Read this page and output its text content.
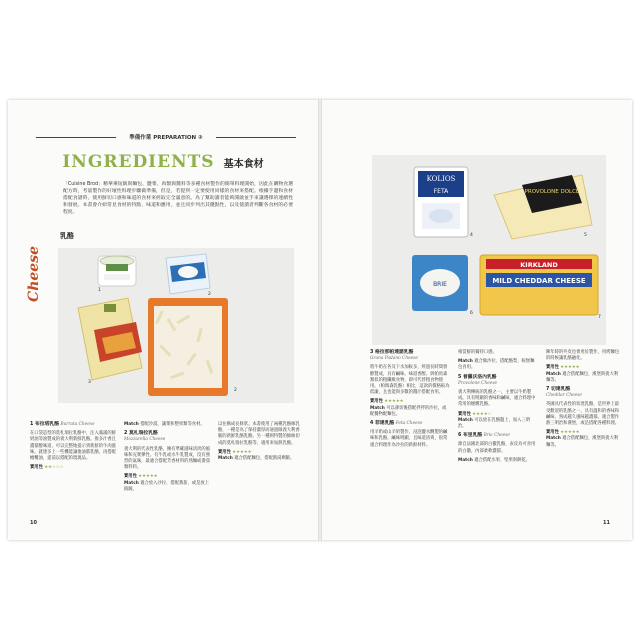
準備作業 PREPARATION ②
INGREDIENTS 基本食材
「Cuisine Brod」精華乘短飯與麵包、鹽菜、肉類與醬料等多種食材製作的簡單料理開始，因此在購物食選配方時，考量製作的好壞性料理步驟做準備，但是，若提到一定要使用同樣的食材來搭配。根據手邊和食材搭配食譜時，使用鮮切口感和味道的食材來經取完全滿意的。為了幫助讀者能夠開啟並手來讓選擇的連續性和發展。本書會介紹常見食材的特點、味道和應用，並且同步列出其優點性，以及使讀者判斷各食材的必要程度。
Cheese
乳酪
1
2
3
2
1 布拉塔乳酪 Burrata Cheese
在口袋造型的莫札瑞拉乳酪中，注入滿滿的鮮奶油等油製成的義大利新鮮乳酪。推多汁香且濃郁醇味道，可以完整地提示到新鮮的牛肉滋味，就連多上一些機能讓他油都乳酪，再搭配橄欖油，提前以搭配的現現品。
實用性 ★★☆☆☆
Match 搭配沙漠，讓菜和整果類等食材。
2 莫札瑞拉乳酪
Mozzarella Cheese
義大利的代表性乳酪，擁有準確滋味清淡的風味和充實彈性。有牛乳或水牛乳製成，沒有強烈的氣味，最適合搭配芳香材料的熟麵或番茄類料料。
實用性 ★★★★★
Match 適合放入沙拉、搭配番茄，或是放上披薩。
以往稱成長條狀。本書使用了兩種乳酪絲乳酪，一種是為了保持濃厚而通過做義大利香脆的新鮮乳酪乳酪。另一種則特製的綠絲切成的莫札瑞拉乳酪等，適用來加熱乳酪。
實用性 ★★★★★
Match 適合搭配麵包、搭配熱湯剩飯。
10
KOLIOS
FETA	PROVOLONE DOLCE
BRIE
KIRKLAND
MILD CHEDDAR CHEESE
4	5
6
7
3 格拉那帕達諾乳酪
Grana Padano Cheese
將牛奶在各及下水加較多，經過長時間發酵製成，具有鹹味，味道香醇。與帕馬森類似的粗纖維食物，即可代替粗食物使用。（帕瑪森乳酪）相比，這款的價格較為低廉，且也能與多數的醬汁搭配食用。
實用性 ★★★★★
Match 可以薄切後搭配拌拌的沙拉，或配餐物配麵包。
4 菲達乳酪 Feta Cheese
用羊奶或山羊奶製作，浸泡鹽水醃製的鹹味和乳酪。鹹味明顯，且味道清爽，很常適合料理作為沙拉的新鮮材料。
相當鮮的獨特口感。
Match 適合做沙拉、搭配酪梨、較無麵包食用。
5 普羅沃洛內乳酪
Provolone Cheese
義大利傳統的乳酪之一，主要以牛奶製成。具有明顯的香味和鹹味，適合料理中常用的煙燻乳酪。
實用性 ★★★★☆
Match 可以放在乳酪盤上，加入三明治。
6 布里乳酪 Brie Cheese
源自法國北部的白黴乳酪，表皮為可食用的白黴，內部柔軟濃郁。
Match 適合搭配水果、堅果與餅乾。
陳年時的外皮也會用於製作，用烤麵包的時候讓乳酪融化。
實用性 ★★★★★
Match 適合搭配麵包、漢堡與義大利麵等。
7 切達乳酪
Cheddar Cheese
英國具代表性的切達乳酪，是世界上最受歡迎的乳酪之一，具有溫和的香味和鹹味，熟成越久風味越濃郁。適合製作熱三明治和漢堡，或是搭配各種料理。
實用性 ★★★★★
Match 適合搭配麵包、漢堡與義大利麵等。
11
